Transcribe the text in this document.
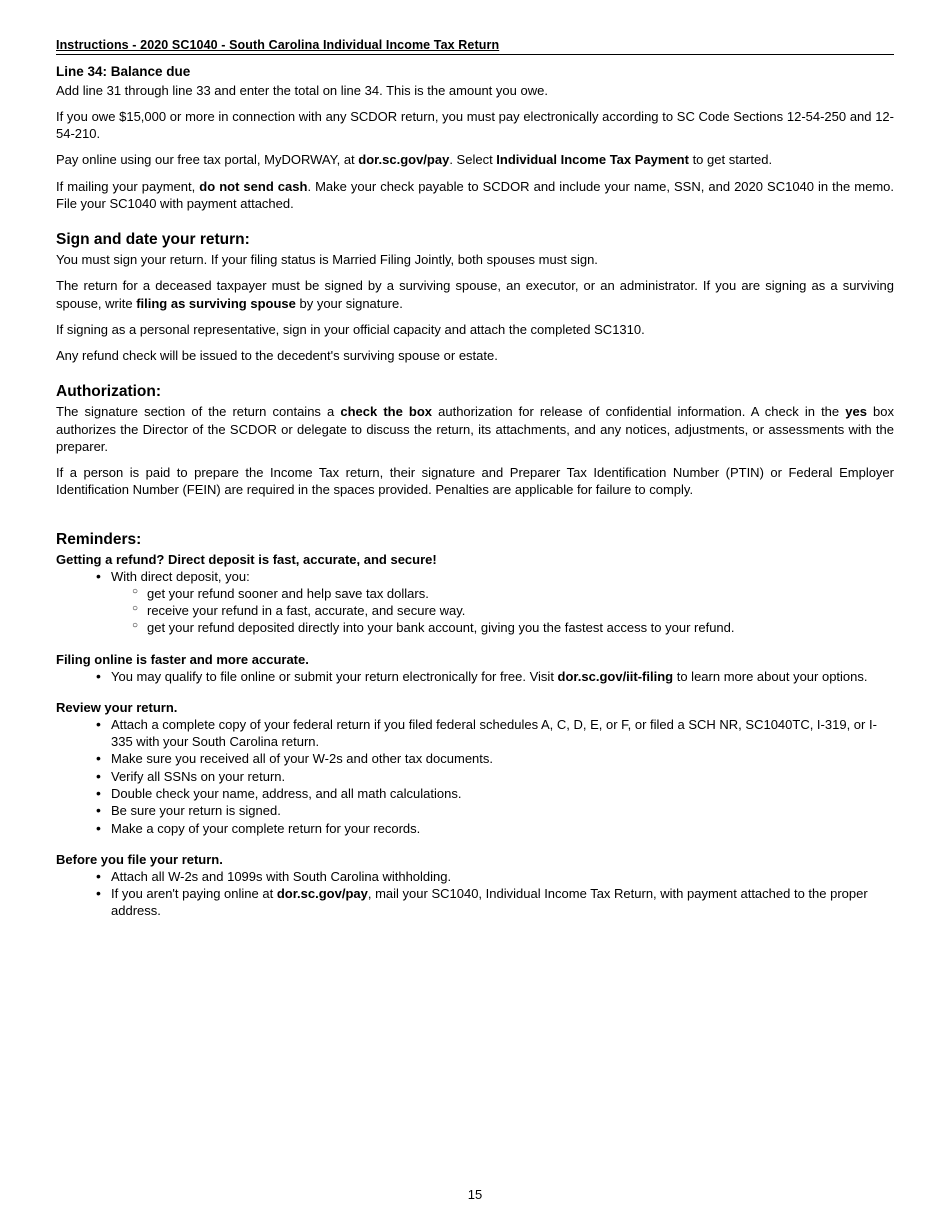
Instructions - 2020 SC1040 - South Carolina Individual Income Tax Return
Line 34: Balance due

Add line 31 through line 33 and enter the total on line 34. This is the amount you owe.

If you owe $15,000 or more in connection with any SCDOR return, you must pay electronically according to SC Code Sections 12-54-250 and 12-54-210.

Pay online using our free tax portal, MyDORWAY, at dor.sc.gov/pay. Select Individual Income Tax Payment to get started.

If mailing your payment, do not send cash. Make your check payable to SCDOR and include your name, SSN, and 2020 SC1040 in the memo. File your SC1040 with payment attached.

Sign and date your return:

You must sign your return. If your filing status is Married Filing Jointly, both spouses must sign.

The return for a deceased taxpayer must be signed by a surviving spouse, an executor, or an administrator. If you are signing as a surviving spouse, write filing as surviving spouse by your signature.

If signing as a personal representative, sign in your official capacity and attach the completed SC1310.

Any refund check will be issued to the decedent's surviving spouse or estate.

Authorization:

The signature section of the return contains a check the box authorization for release of confidential information. A check in the yes box authorizes the Director of the SCDOR or delegate to discuss the return, its attachments, and any notices, adjustments, or assessments with the preparer.

If a person is paid to prepare the Income Tax return, their signature and Preparer Tax Identification Number (PTIN) or Federal Employer Identification Number (FEIN) are required in the spaces provided. Penalties are applicable for failure to comply.

Reminders:
Getting a refund? Direct deposit is fast, accurate, and secure!
• With direct deposit, you:
○ get your refund sooner and help save tax dollars.
○ receive your refund in a fast, accurate, and secure way.
○ get your refund deposited directly into your bank account, giving you the fastest access to your refund.
Filing online is faster and more accurate.
• You may qualify to file online or submit your return electronically for free. Visit dor.sc.gov/iit-filing to learn more about your options.
Review your return.
• Attach a complete copy of your federal return if you filed federal schedules A, C, D, E, or F, or filed a SCH NR, SC1040TC, I-319, or I-335 with your South Carolina return.
• Make sure you received all of your W-2s and other tax documents.
• Verify all SSNs on your return.
• Double check your name, address, and all math calculations.
• Be sure your return is signed.
• Make a copy of your complete return for your records.
Before you file your return.
• Attach all W-2s and 1099s with South Carolina withholding.
• If you aren't paying online at dor.sc.gov/pay, mail your SC1040, Individual Income Tax Return, with payment attached to the proper address.
15
